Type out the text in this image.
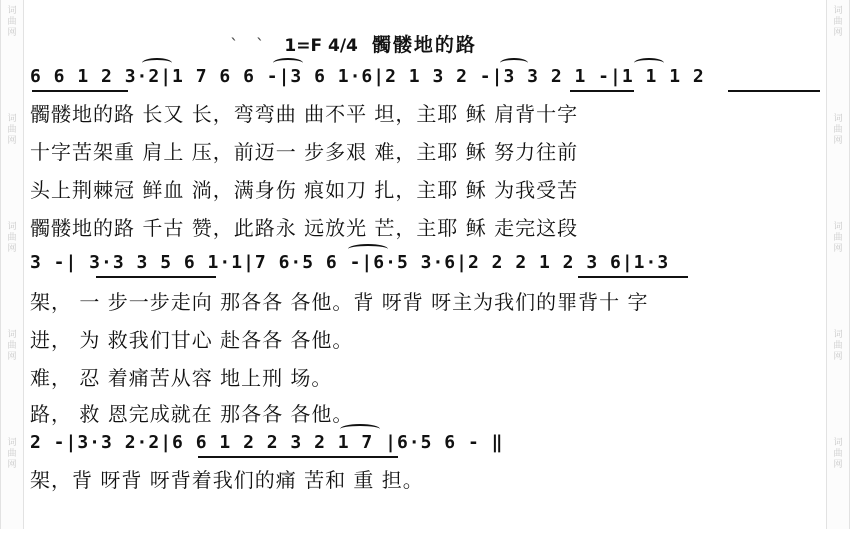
词
曲
网
词
曲
网
词
曲
网
词
曲
网
词
曲
网
词
曲
网
词
曲
网
词
曲
网
词
曲
网
词
曲
网
` ` 1=F 4/4 髑髅地的路
6 6 1 2 3·2|1 7 6 6 -|3 6 1·6|2 1 3 2 -|3 3 2 1 -|1 1 1 2
髑髅地的路 长又 长，弯弯曲 曲不平 坦，主耶 稣 肩背十字
十字苦架重 肩上 压，前迈一 步多艰 难，主耶 稣 努力往前
头上荆棘冠 鲜血 淌，满身伤 痕如刀 扎，主耶 稣 为我受苦
髑髅地的路 千古 赞，此路永 远放光 芒，主耶 稣 走完这段
3 -| 3·3 3 5 6 1·1|7 6·5 6 -|6·5 3·6|2 2 2 1 2 3 6|1·3
架， 一 步一步走向 那各各 各他。背 呀背 呀主为我们的罪背十 字
进， 为 救我们甘心 赴各各 各他。
难， 忍 着痛苦从容 地上刑 场。
路， 救 恩完成就在 那各各 各他。
2 -|3·3 2·2|6 6 1 2 2 3 2 1 7 |6·5 6 - ‖
架，背 呀背 呀背着我们的痛 苦和 重 担。
